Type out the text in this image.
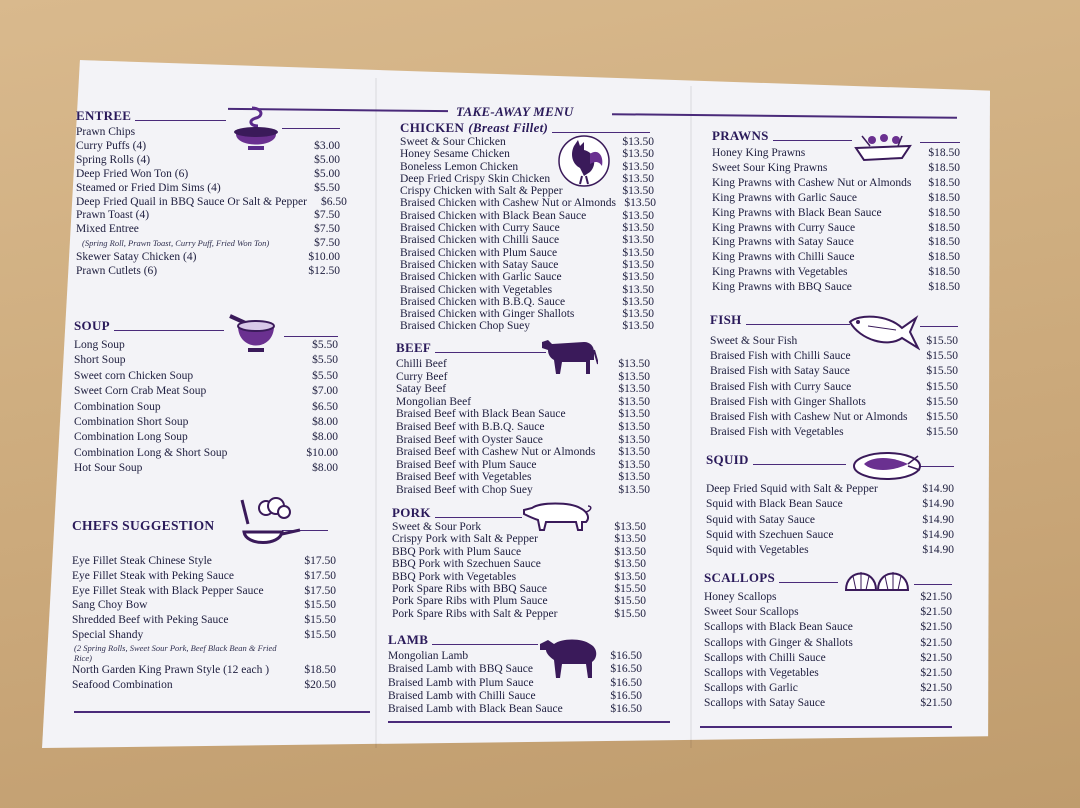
TAKE-AWAY MENU
ENTREE
Prawn Chips
Curry Puffs (4)	$3.00
Spring Rolls (4)	$5.00
Deep Fried Won Ton (6)	$5.00
Steamed or Fried Dim Sims (4)	$5.50
Deep Fried Quail in BBQ Sauce Or Salt & Pepper	$6.50
Prawn Toast (4)	$7.50
Mixed Entree	$7.50
(Spring Roll, Prawn Toast, Curry Puff, Fried Won Ton)	$7.50
Skewer Satay Chicken (4)	$10.00
Prawn Cutlets (6)	$12.50
SOUP
Long Soup	$5.50
Short Soup	$5.50
Sweet corn Chicken Soup	$5.50
Sweet Corn Crab Meat Soup	$7.00
Combination Soup	$6.50
Combination Short Soup	$8.00
Combination Long Soup	$8.00
Combination Long & Short Soup	$10.00
Hot Sour Soup	$8.00
CHEFS SUGGESTION
Eye Fillet Steak Chinese Style	$17.50
Eye Fillet Steak with Peking Sauce	$17.50
Eye Fillet Steak with Black Pepper Sauce	$17.50
Sang Choy Bow	$15.50
Shredded Beef with Peking Sauce	$15.50
Special Shandy	$15.50
(2 Spring Rolls, Sweet Sour Pork, Beef Black Bean & Fried Rice)
North Garden King Prawn Style (12 each )	$18.50
Seafood Combination	$20.50
CHICKEN (Breast Fillet)
Sweet & Sour Chicken	$13.50
Honey Sesame Chicken	$13.50
Boneless Lemon Chicken	$13.50
Deep Fried Crispy Skin Chicken	$13.50
Crispy Chicken with Salt & Pepper	$13.50
Braised Chicken with Cashew Nut or Almonds $13.50
Braised Chicken with Black Bean Sauce	$13.50
Braised Chicken with Curry Sauce	$13.50
Braised Chicken with Chilli Sauce	$13.50
Braised Chicken with Plum Sauce	$13.50
Braised Chicken with Satay Sauce	$13.50
Braised Chicken with Garlic Sauce	$13.50
Braised Chicken with Vegetables	$13.50
Braised Chicken with B.B.Q. Sauce	$13.50
Braised Chicken with Ginger Shallots	$13.50
Braised Chicken Chop Suey	$13.50
BEEF
Chilli Beef	$13.50
Curry Beef	$13.50
Satay Beef	$13.50
Mongolian Beef	$13.50
Braised Beef with Black Bean Sauce	$13.50
Braised Beef with B.B.Q. Sauce	$13.50
Braised Beef with Oyster Sauce	$13.50
Braised Beef with Cashew Nut or Almonds	$13.50
Braised Beef with Plum Sauce	$13.50
Braised Beef with Vegetables	$13.50
Braised Beef with Chop Suey	$13.50
PORK
Sweet & Sour Pork	$13.50
Crispy Pork with Salt & Pepper	$13.50
BBQ Pork with Plum Sauce	$13.50
BBQ Pork with Szechuen Sauce	$13.50
BBQ Pork with Vegetables	$13.50
Pork Spare Ribs with BBQ Sauce	$15.50
Pork Spare Ribs with Plum Sauce	$15.50
Pork Spare Ribs with Salt & Pepper	$15.50
LAMB
Mongolian Lamb	$16.50
Braised Lamb with BBQ Sauce	$16.50
Braised Lamb with Plum Sauce	$16.50
Braised Lamb with Chilli Sauce	$16.50
Braised Lamb with Black Bean Sauce	$16.50
PRAWNS
Honey King Prawns	$18.50
Sweet Sour King Prawns	$18.50
King Prawns with Cashew Nut or Almonds	$18.50
King Prawns with Garlic Sauce	$18.50
King Prawns with Black Bean Sauce	$18.50
King Prawns with Curry Sauce	$18.50
King Prawns with Satay Sauce	$18.50
King Prawns with Chilli Sauce	$18.50
King Prawns with Vegetables	$18.50
King Prawns with BBQ Sauce	$18.50
FISH
Sweet & Sour Fish	$15.50
Braised Fish with Chilli Sauce	$15.50
Braised Fish with Satay Sauce	$15.50
Braised Fish with Curry Sauce	$15.50
Braised Fish with Ginger Shallots	$15.50
Braised Fish with Cashew Nut or Almonds	$15.50
Braised Fish with Vegetables	$15.50
SQUID
Deep Fried Squid with Salt & Pepper	$14.90
Squid with Black Bean Sauce	$14.90
Squid with Satay Sauce	$14.90
Squid with Szechuen Sauce	$14.90
Squid with Vegetables	$14.90
SCALLOPS
Honey Scallops	$21.50
Sweet Sour Scallops	$21.50
Scallops with Black Bean Sauce	$21.50
Scallops with Ginger & Shallots	$21.50
Scallops with Chilli Sauce	$21.50
Scallops with Vegetables	$21.50
Scallops with Garlic	$21.50
Scallops with Satay Sauce	$21.50
